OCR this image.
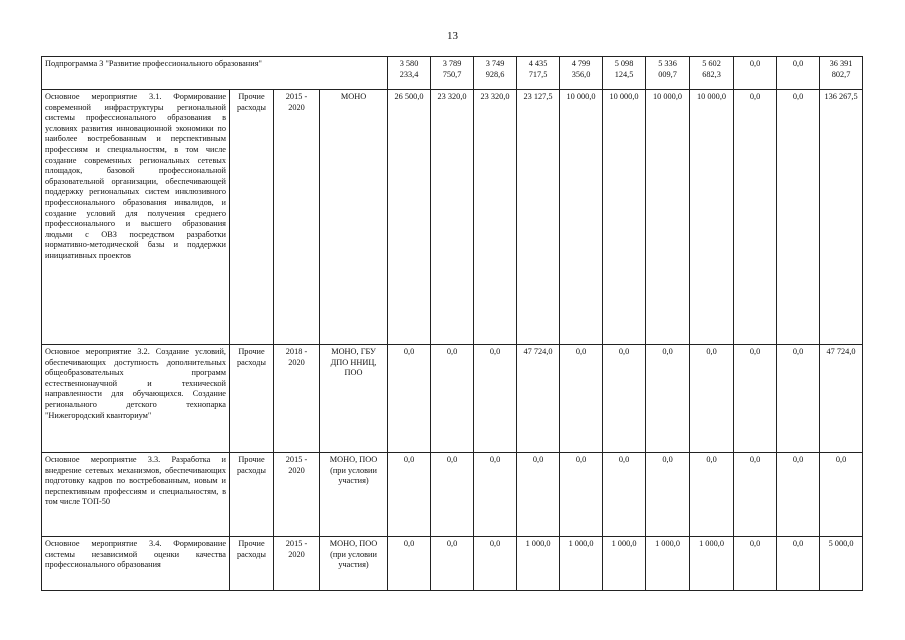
13
Подпрограмма 3 "Развитие профессионального образования"				3 580 233,4	3 789 750,7	3 749 928,6	4 435 717,5	4 799 356,0	5 098 124,5	5 336 009,7	5 602 682,3	0,0	0,0	36 391 802,7
Основное мероприятие 3.1. Формирование современной инфраструктуры региональной системы профессионального образования в условиях развития инновационной экономики по наиболее востребованным и перспективным профессиям и специальностям, в том числе создание современных региональных сетевых площадок, базовой профессиональной образовательной организации, обеспечивающей поддержку региональных систем инклюзивного профессионального образования инвалидов, и создание условий для получения среднего профессионального и высшего образования людьми с ОВЗ посредством разработки нормативно-методической базы и поддержки инициативных проектов	Прочие расходы	2015 - 2020	МОНО	26 500,0	23 320,0	23 320,0	23 127,5	10 000,0	10 000,0	10 000,0	10 000,0	0,0	0,0	136 267,5
Основное мероприятие 3.2. Создание условий, обеспечивающих доступность дополнительных общеобразовательных программ естественнонаучной и технической направленности для обучающихся. Создание регионального детского технопарка "Нижегородский кванториум"	Прочие расходы	2018 - 2020	МОНО, ГБУ ДПО ННИЦ, ПОО	0,0	0,0	0,0	47 724,0	0,0	0,0	0,0	0,0	0,0	0,0	47 724,0
Основное мероприятие 3.3. Разработка и внедрение сетевых механизмов, обеспечивающих подготовку кадров по востребованным, новым и перспективным профессиям и специальностям, в том числе ТОП-50	Прочие расходы	2015 - 2020	МОНО, ПОО (при условии участия)	0,0	0,0	0,0	0,0	0,0	0,0	0,0	0,0	0,0	0,0	0,0
Основное мероприятие 3.4. Формирование системы независимой оценки качества профессионального образования	Прочие расходы	2015 - 2020	МОНО, ПОО (при условии участия)	0,0	0,0	0,0	1 000,0	1 000,0	1 000,0	1 000,0	1 000,0	0,0	0,0	5 000,0
